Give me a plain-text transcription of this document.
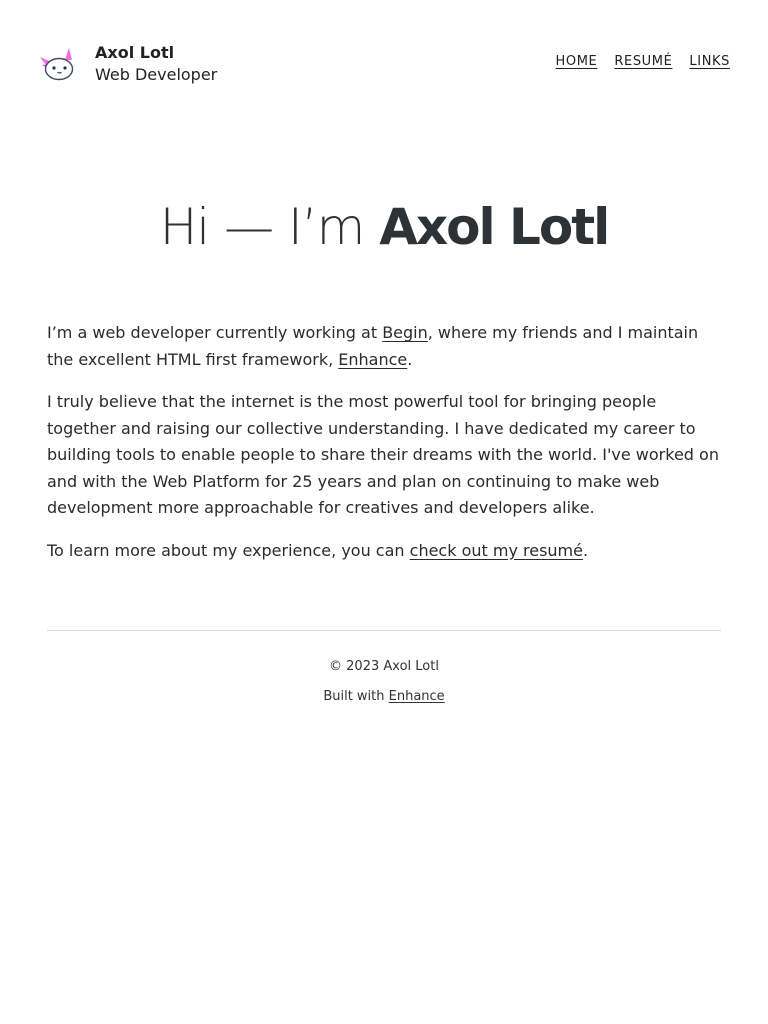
Axol Lotl
Web Developer
HOME RESUMÉ LINKS
Hi — I’m Axol Lotl

I’m a web developer currently working at Begin, where my friends and I maintain the excellent HTML first framework, Enhance.

I truly believe that the internet is the most powerful tool for bringing people together and raising our collective understanding. I have dedicated my career to building tools to enable people to share their dreams with the world. I've worked on and with the Web Platform for 25 years and plan on continuing to make web development more approachable for creatives and developers alike.

To learn more about my experience, you can check out my resumé.

© 2023 Axol Lotl

Built with Enhance
